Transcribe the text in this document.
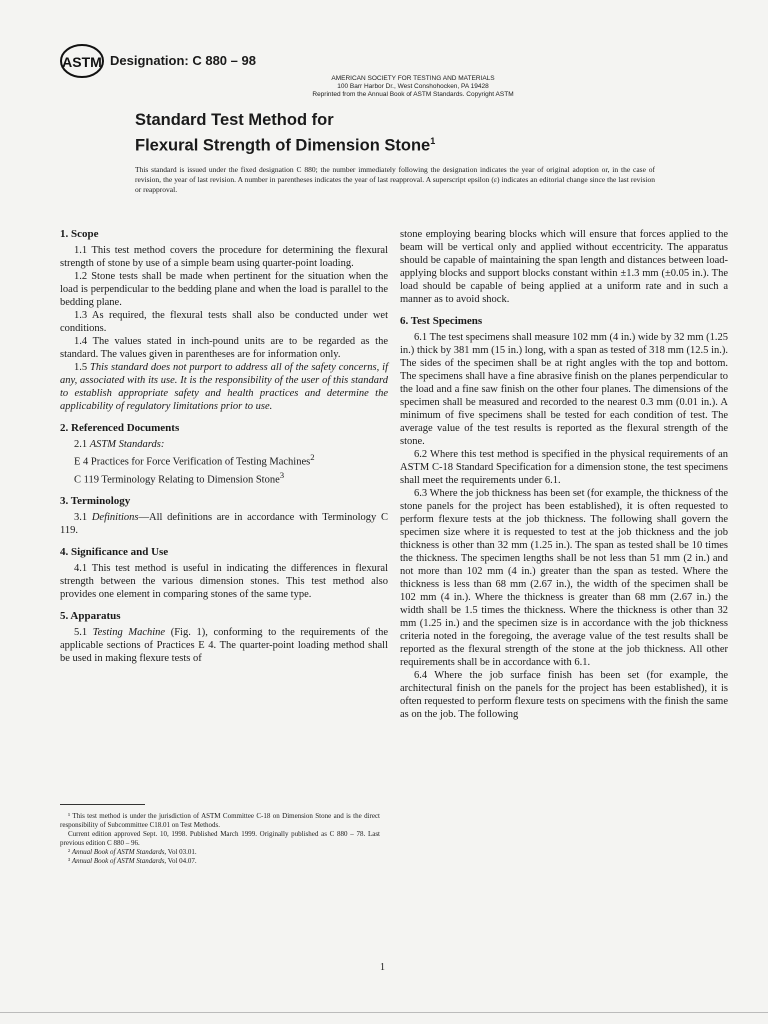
ASTM Designation: C 880 – 98
AMERICAN SOCIETY FOR TESTING AND MATERIALS
100 Barr Harbor Dr., West Conshohocken, PA 19428
Reprinted from the Annual Book of ASTM Standards. Copyright ASTM
Standard Test Method for
Flexural Strength of Dimension Stone$^1$
This standard is issued under the fixed designation C 880; the number immediately following the designation indicates the year of original adoption or, in the case of revision, the year of last revision. A number in parentheses indicates the year of last reapproval. A superscript epsilon (ε) indicates an editorial change since the last revision or reapproval.

1. Scope

1.1 This test method covers the procedure for determining the flexural strength of stone by use of a simple beam using quarter-point loading.

1.2 Stone tests shall be made when pertinent for the situation when the load is perpendicular to the bedding plane and when the load is parallel to the bedding plane.

1.3 As required, the flexural tests shall also be conducted under wet conditions.

1.4 The values stated in inch-pound units are to be regarded as the standard. The values given in parentheses are for information only.

1.5 This standard does not purport to address all of the safety concerns, if any, associated with its use. It is the responsibility of the user of this standard to establish appropriate safety and health practices and determine the applicability of regulatory limitations prior to use.

2. Referenced Documents

2.1 ASTM Standards:

E 4 Practices for Force Verification of Testing Machines$^2$

C 119 Terminology Relating to Dimension Stone$^3$

3. Terminology

3.1 Definitions—All definitions are in accordance with Terminology C 119.

4. Significance and Use

4.1 This test method is useful in indicating the differences in flexural strength between the various dimension stones. This test method also provides one element in comparing stones of the same type.

5. Apparatus

5.1 Testing Machine (Fig. 1), conforming to the requirements of the applicable sections of Practices E 4. The quarter-point loading method shall be used in making flexure tests of

¹ This test method is under the jurisdiction of ASTM Committee C-18 on Dimension Stone and is the direct responsibility of Subcommittee C18.01 on Test Methods.

Current edition approved Sept. 10, 1998. Published March 1999. Originally published as C 880 – 78. Last previous edition C 880 – 96.

² Annual Book of ASTM Standards, Vol 03.01.

³ Annual Book of ASTM Standards, Vol 04.07.

stone employing bearing blocks which will ensure that forces applied to the beam will be vertical only and applied without eccentricity. The apparatus should be capable of maintaining the span length and distances between load-applying blocks and support blocks constant within ±1.3 mm (±0.05 in.). The load should be capable of being applied at a uniform rate and in such a manner as to avoid shock.

6. Test Specimens

6.1 The test specimens shall measure 102 mm (4 in.) wide by 32 mm (1.25 in.) thick by 381 mm (15 in.) long, with a span as tested of 318 mm (12.5 in.). The sides of the specimen shall be at right angles with the top and bottom. The specimens shall have a fine abrasive finish on the planes perpendicular to the load and a fine saw finish on the other four planes. The dimensions of the specimen shall be measured and recorded to the nearest 0.3 mm (0.01 in.). A minimum of five specimens shall be tested for each condition of test. The average value of the test results is reported as the flexural strength of the stone.

6.2 Where this test method is specified in the physical requirements of an ASTM C-18 Standard Specification for a dimension stone, the test specimens shall meet the requirements under 6.1.

6.3 Where the job thickness has been set (for example, the thickness of the stone panels for the project has been established), it is often requested to perform flexure tests at the job thickness. The following shall govern the specimen size where it is requested to test at the job thickness and the job thickness is other than 32 mm (1.25 in.). The span as tested shall be 10 times the thickness. The specimen lengths shall be not less than 51 mm (2 in.) and not more than 102 mm (4 in.) greater than the span as tested. Where the thickness is less than 68 mm (2.67 in.), the width of the specimen shall be 102 mm (4 in.). Where the thickness is greater than 68 mm (2.67 in.) the width shall be 1.5 times the thickness. Where the thickness is other than 32 mm (1.25 in.) and the specimen size is in accordance with the job thickness criteria noted in the foregoing, the average value of the test results shall be reported as the flexural strength of the stone at the job thickness. All other requirements shall be in accordance with 6.1.

6.4 Where the job surface finish has been set (for example, the architectural finish on the panels for the project has been established), it is often requested to perform flexure tests on specimens with the finish the same as on the job. The following

1
